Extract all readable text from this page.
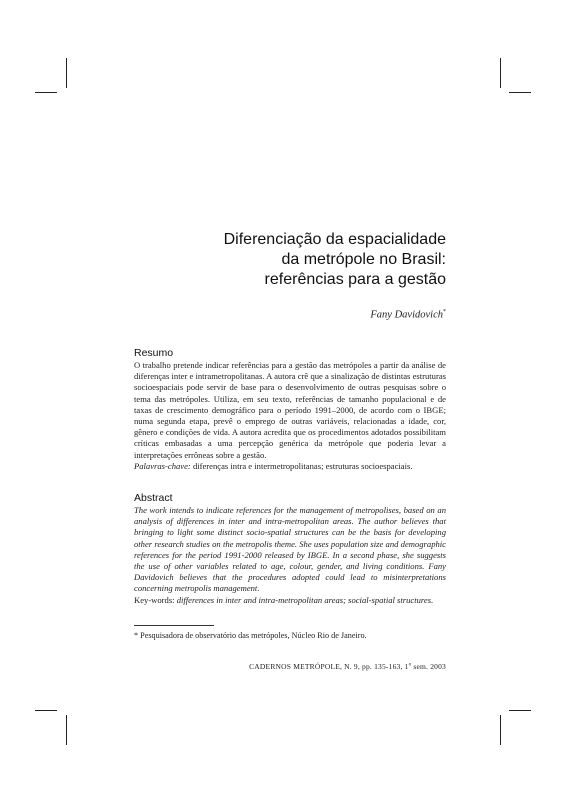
Diferenciação da espacialidade
da metrópole no Brasil:
referências para a gestão
Fany Davidovich*
Resumo

O trabalho pretende indicar referências para a gestão das metrópoles a partir da análise de diferenças inter e intrametropolitanas. A autora crê que a sinalização de distintas estruturas socioespaciais pode servir de base para o desenvolvimento de outras pesquisas sobre o tema das metrópoles. Utiliza, em seu texto, referências de tamanho populacional e de taxas de crescimento demográfico para o período 1991–2000, de acordo com o IBGE; numa segunda etapa, prevê o emprego de outras variáveis, relacionadas a idade, cor, gênero e condições de vida. A autora acredita que os procedimentos adotados possibilitam críticas embasadas a uma percepção genérica da metrópole que poderia levar a interpretações errôneas sobre a gestão.

Palavras-chave: diferenças intra e intermetropolitanas; estruturas socioespaciais.

Abstract

The work intends to indicate references for the management of metropolises, based on an analysis of differences in inter and intra-metropolitan areas. The author believes that bringing to light some distinct socio-spatial structures can be the basis for developing other research studies on the metropolis theme. She uses population size and demographic references for the period 1991-2000 released by IBGE. In a second phase, she suggests the use of other variables related to age, colour, gender, and living conditions. Fany Davidovich believes that the procedures adopted could lead to misinterpretations concerning metropolis management.

Key-words: differences in inter and intra-metropolitan areas; social-spatial structures.

* Pesquisadora de observatório das metrópoles, Núcleo Rio de Janeiro.
CADERNOS METRÓPOLE, N. 9, pp. 135-163, 1$^o$ sem. 2003
